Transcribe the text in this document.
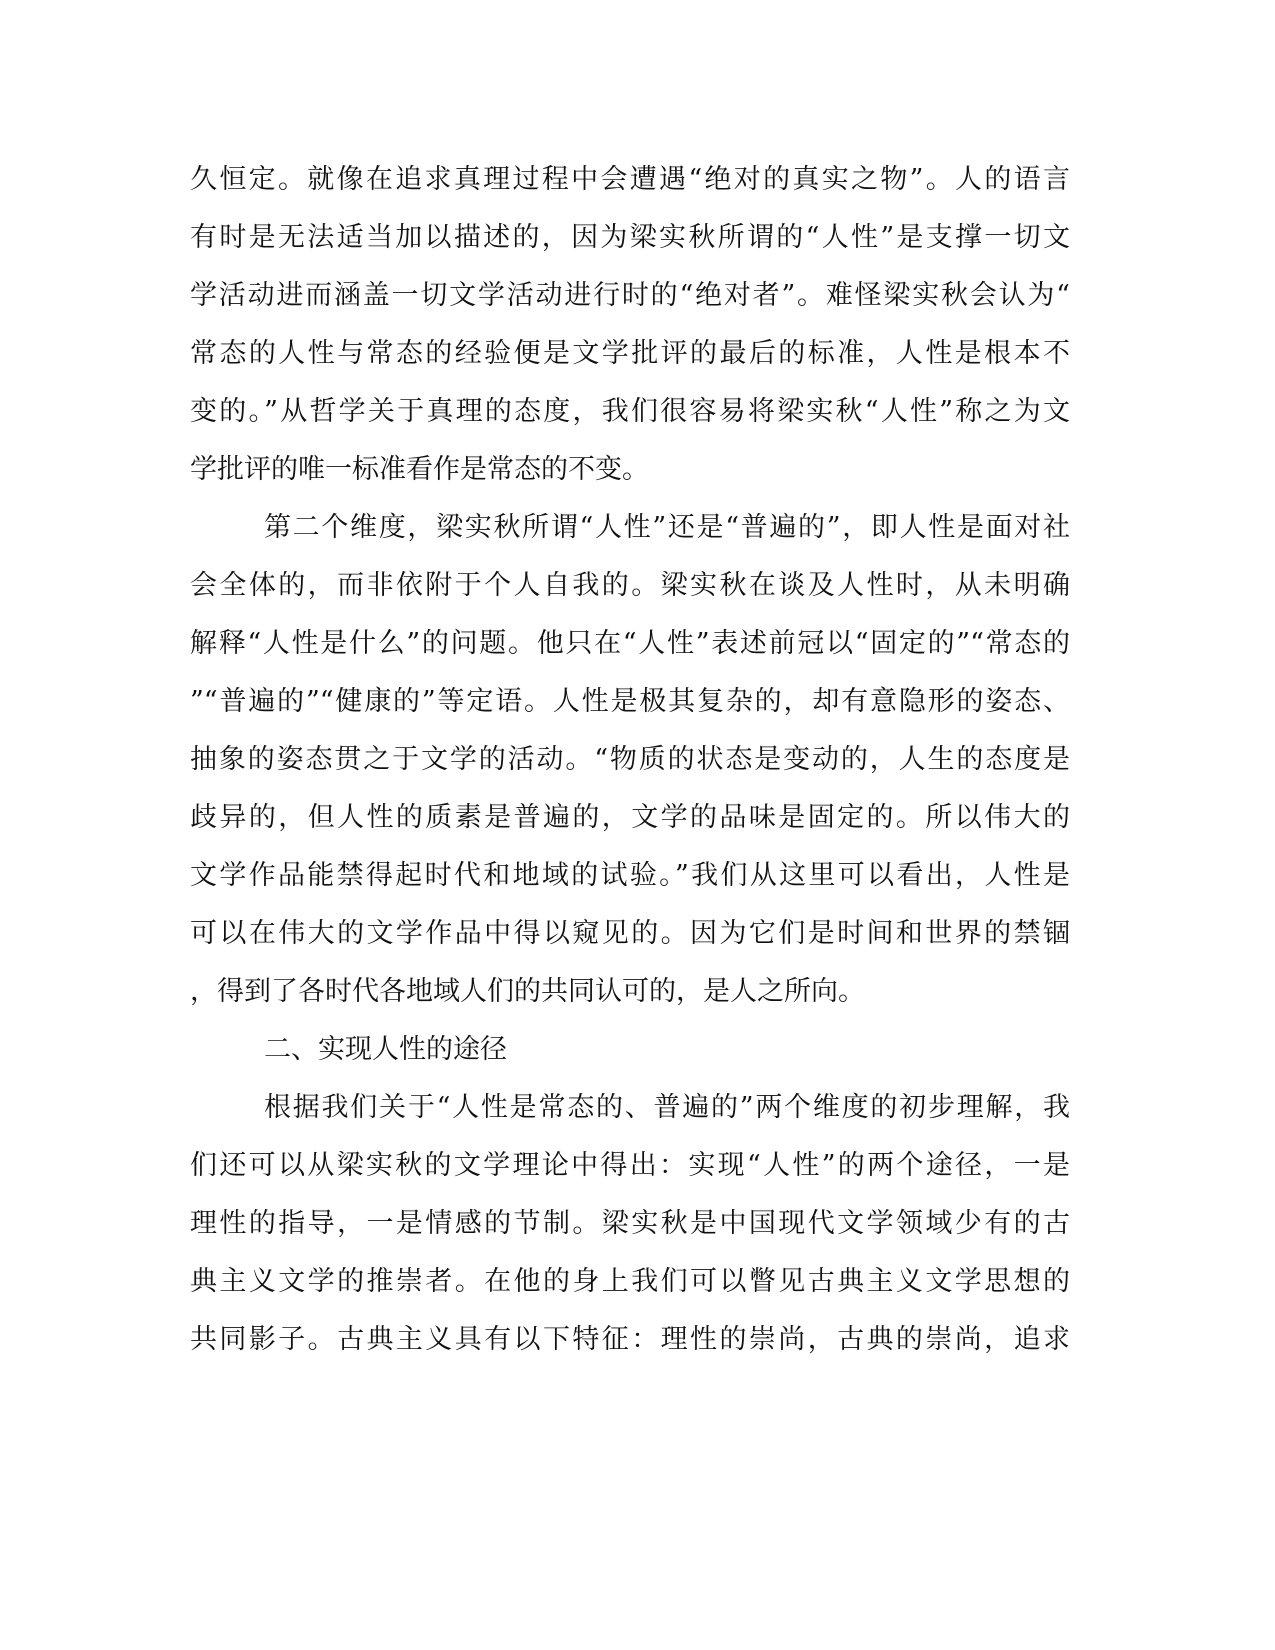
久恒定。就像在追求真理过程中会遭遇“绝对的真实之物”。人的语言
有时是无法适当加以描述的，因为梁实秋所谓的“人性”是支撑一切文
学活动进而涵盖一切文学活动进行时的“绝对者”。难怪梁实秋会认为“
常态的人性与常态的经验便是文学批评的最后的标准，人性是根本不
变的。”从哲学关于真理的态度，我们很容易将梁实秋“人性”称之为文
学批评的唯一标准看作是常态的不变。
第二个维度，梁实秋所谓“人性”还是“普遍的”，即人性是面对社
会全体的，而非依附于个人自我的。梁实秋在谈及人性时，从未明确
解释“人性是什么”的问题。他只在“人性”表述前冠以“固定的”“常态的
”“普遍的”“健康的”等定语。人性是极其复杂的，却有意隐形的姿态、
抽象的姿态贯之于文学的活动。“物质的状态是变动的，人生的态度是
歧异的，但人性的质素是普遍的，文学的品味是固定的。所以伟大的
文学作品能禁得起时代和地域的试验。”我们从这里可以看出，人性是
可以在伟大的文学作品中得以窥见的。因为它们是时间和世界的禁锢
，得到了各时代各地域人们的共同认可的，是人之所向。
二、实现人性的途径
根据我们关于“人性是常态的、普遍的”两个维度的初步理解，我
们还可以从梁实秋的文学理论中得出：实现“人性”的两个途径，一是
理性的指导，一是情感的节制。梁实秋是中国现代文学领域少有的古
典主义文学的推崇者。在他的身上我们可以瞥见古典主义文学思想的
共同影子。古典主义具有以下特征：理性的崇尚，古典的崇尚，追求
